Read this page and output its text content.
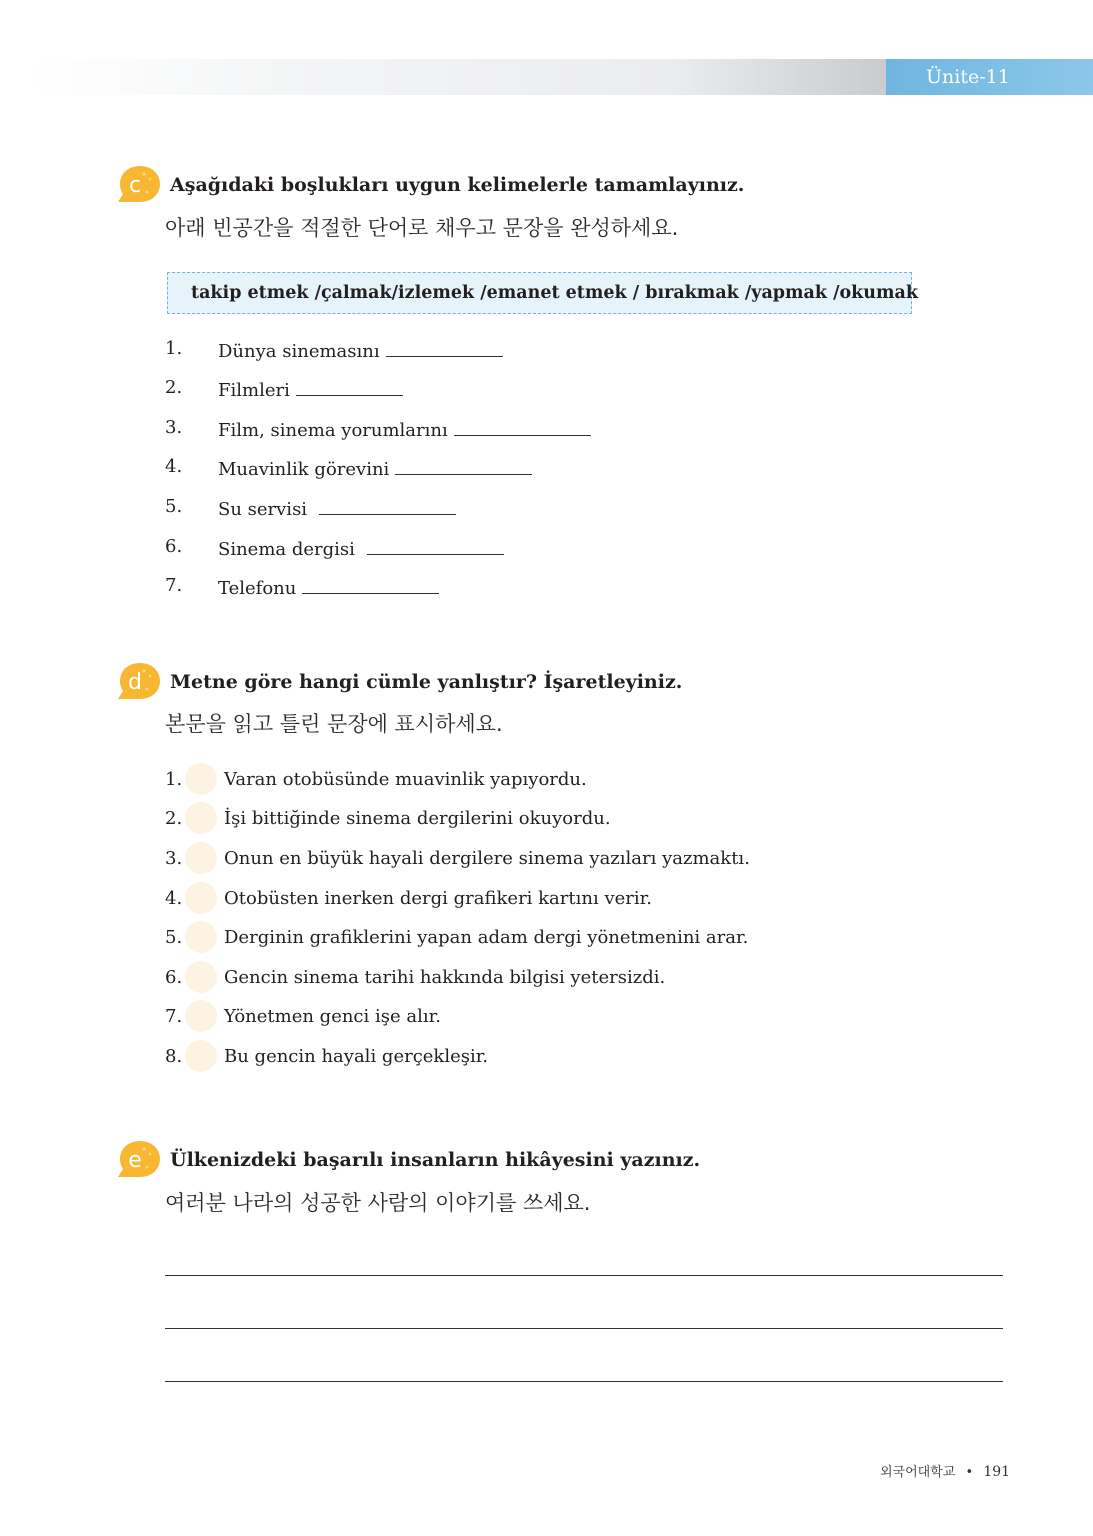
Ünite-11
c Aşağıdaki boşlukları uygun kelimelerle tamamlayınız.
아래 빈공간을 적절한 단어로 채우고 문장을 완성하세요.
takip etmek /çalmak/izlemek /emanet etmek / bırakmak /yapmak /okumak
1. Dünya sinemasını
2. Filmleri
3. Film, sinema yorumlarını
4. Muavinlik görevini
5. Su servisi
6. Sinema dergisi
7. Telefonu
d Metne göre hangi cümle yanlıştır? İşaretleyiniz.
본문을 읽고 틀린 문장에 표시하세요.
1. Varan otobüsünde muavinlik yapıyordu.
2. İşi bittiğinde sinema dergilerini okuyordu.
3. Onun en büyük hayali dergilere sinema yazıları yazmaktı.
4. Otobüsten inerken dergi grafikeri kartını verir.
5. Derginin grafiklerini yapan adam dergi yönetmenini arar.
6. Gencin sinema tarihi hakkında bilgisi yetersizdi.
7. Yönetmen genci işe alır.
8. Bu gencin hayali gerçekleşir.
e Ülkenizdeki başarılı insanların hikâyesini yazınız.
여러분 나라의 성공한 사람의 이야기를 쓰세요.
외국어대학교 • 191
